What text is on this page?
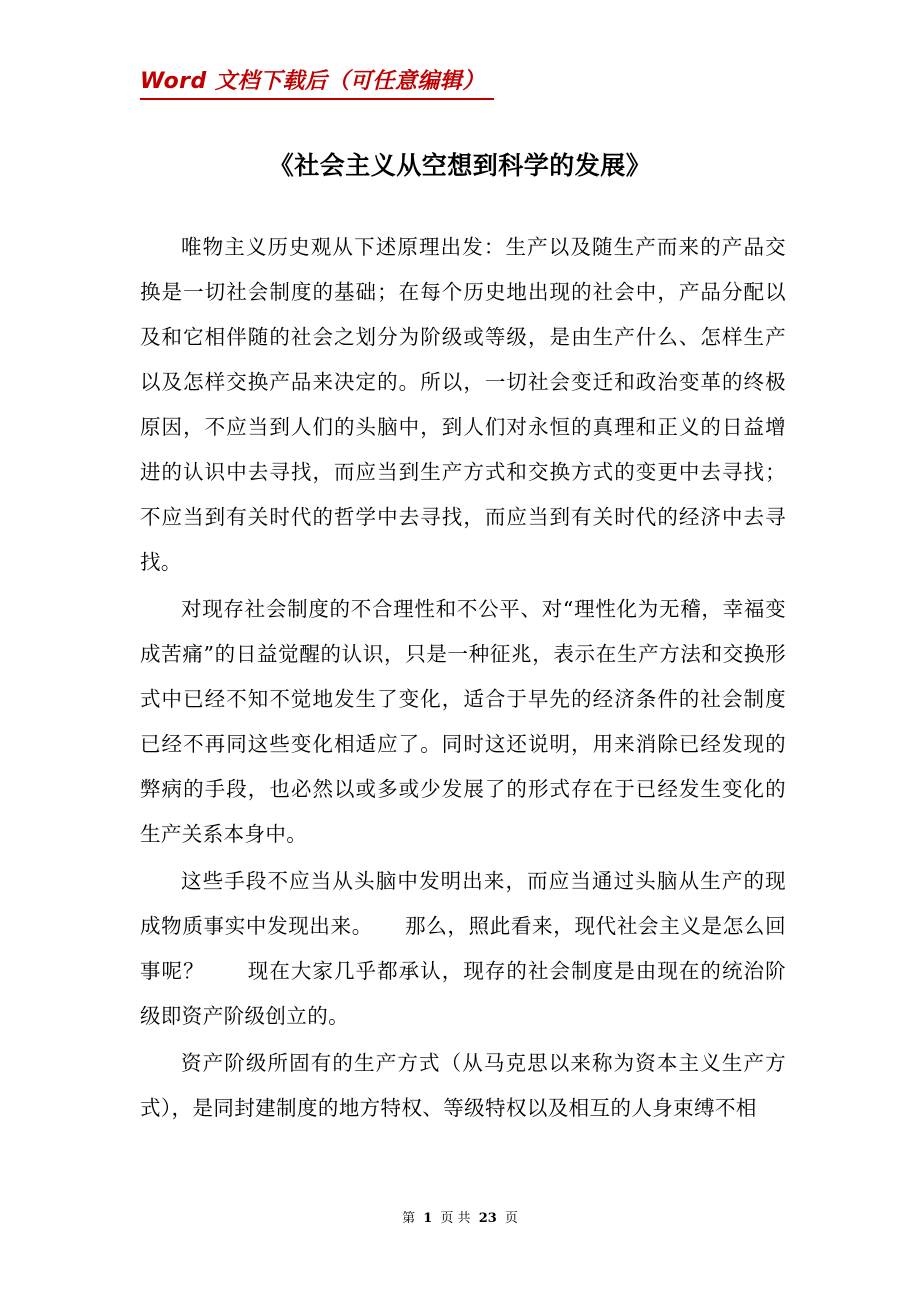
Word 文档下载后（可任意编辑）
《社会主义从空想到科学的发展》

唯物主义历史观从下述原理出发：生产以及随生产而来的产品交换是一切社会制度的基础；在每个历史地出现的社会中，产品分配以及和它相伴随的社会之划分为阶级或等级，是由生产什么、怎样生产以及怎样交换产品来决定的。所以，一切社会变迁和政治变革的终极原因，不应当到人们的头脑中，到人们对永恒的真理和正义的日益增进的认识中去寻找，而应当到生产方式和交换方式的变更中去寻找；不应当到有关时代的哲学中去寻找，而应当到有关时代的经济中去寻找。

对现存社会制度的不合理性和不公平、对“理性化为无稽，幸福变成苦痛”的日益觉醒的认识，只是一种征兆，表示在生产方法和交换形式中已经不知不觉地发生了变化，适合于早先的经济条件的社会制度已经不再同这些变化相适应了。同时这还说明，用来消除已经发现的弊病的手段，也必然以或多或少发展了的形式存在于已经发生变化的生产关系本身中。

这些手段不应当从头脑中发明出来，而应当通过头脑从生产的现成物质事实中发现出来。　　那么，照此看来，现代社会主义是怎么回事呢？　　现在大家几乎都承认，现存的社会制度是由现在的统治阶级即资产阶级创立的。

资产阶级所固有的生产方式（从马克思以来称为资本主义生产方式），是同封建制度的地方特权、等级特权以及相互的人身束缚不相

第 1 页 共 23 页
